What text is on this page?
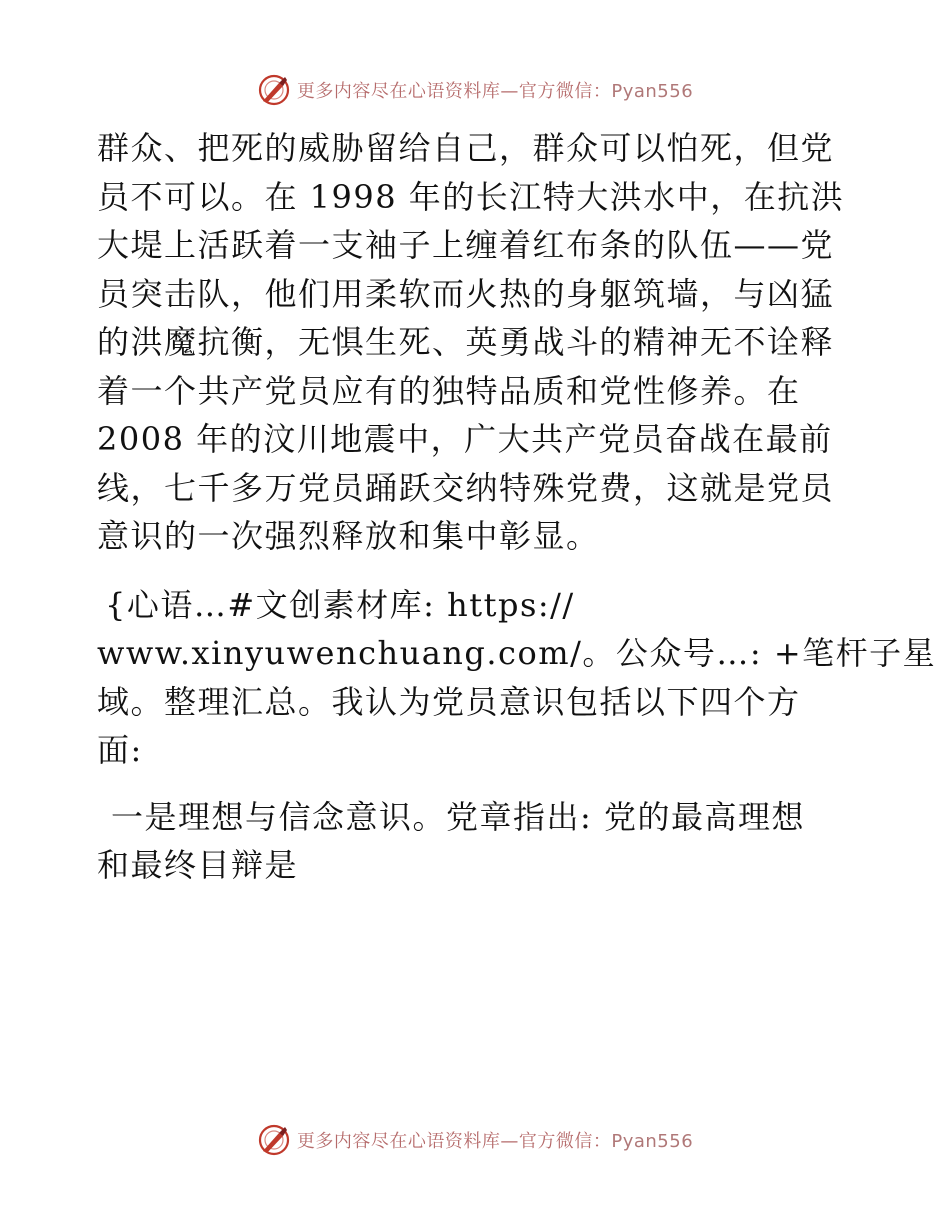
更多内容尽在心语资料库—官方微信：Pyan556

群众、把死的威胁留给自己，群众可以怕死，但党
员不可以。在 1998 年的长江特大洪水中，在抗洪
大堤上活跃着一支袖子上缠着红布条的队伍——党
员突击队，他们用柔软而火热的身躯筑墙，与凶猛
的洪魔抗衡，无惧生死、英勇战斗的精神无不诠释
着一个共产党员应有的独特品质和党性修养。在
2008 年的汶川地震中，广大共产党员奋战在最前
线，七千多万党员踊跃交纳特殊党费，这就是党员
意识的一次强烈释放和集中彰显。

{心语…#文创素材库: https://
www.xinyuwenchuang.com/。公众号…: +笔杆子星
域。整理汇总。我认为党员意识包括以下四个方
面:

一是理想与信念意识。党章指出: 党的最高理想
和最终目辩是

更多内容尽在心语资料库—官方微信：Pyan556
